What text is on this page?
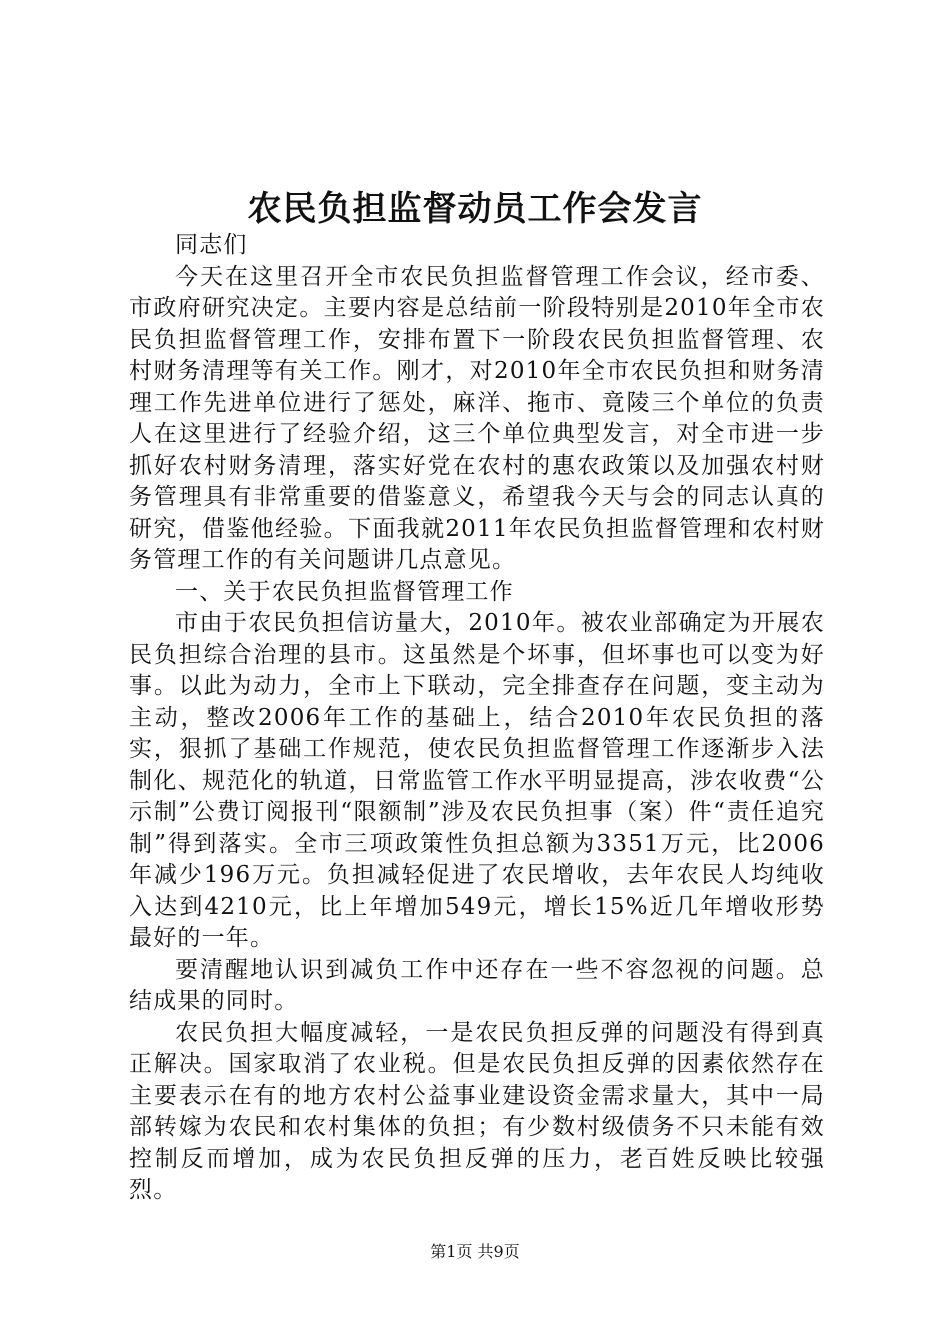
农民负担监督动员工作会发言

同志们

今天在这里召开全市农民负担监督管理工作会议，经市委、市政府研究决定。主要内容是总结前一阶段特别是2010年全市农民负担监督管理工作，安排布置下一阶段农民负担监督管理、农村财务清理等有关工作。刚才，对2010年全市农民负担和财务清理工作先进单位进行了惩处，麻洋、拖市、竟陵三个单位的负责人在这里进行了经验介绍，这三个单位典型发言，对全市进一步抓好农村财务清理，落实好党在农村的惠农政策以及加强农村财务管理具有非常重要的借鉴意义，希望我今天与会的同志认真的研究，借鉴他经验。下面我就2011年农民负担监督管理和农村财务管理工作的有关问题讲几点意见。

一、关于农民负担监督管理工作

市由于农民负担信访量大，2010年。被农业部确定为开展农民负担综合治理的县市。这虽然是个坏事，但坏事也可以变为好事。以此为动力，全市上下联动，完全排查存在问题，变主动为主动，整改2006年工作的基础上，结合2010年农民负担的落实，狠抓了基础工作规范，使农民负担监督管理工作逐渐步入法制化、规范化的轨道，日常监管工作水平明显提高，涉农收费“公示制”公费订阅报刊“限额制”涉及农民负担事（案）件“责任追究制”得到落实。全市三项政策性负担总额为3351万元，比2006年减少196万元。负担减轻促进了农民增收，去年农民人均纯收入达到4210元，比上年增加549元，增长15%近几年增收形势最好的一年。

要清醒地认识到减负工作中还存在一些不容忽视的问题。总结成果的同时。

农民负担大幅度减轻，一是农民负担反弹的问题没有得到真正解决。国家取消了农业税。但是农民负担反弹的因素依然存在主要表示在有的地方农村公益事业建设资金需求量大，其中一局部转嫁为农民和农村集体的负担；有少数村级债务不只未能有效控制反而增加，成为农民负担反弹的压力，老百姓反映比较强烈。

第1页 共9页
